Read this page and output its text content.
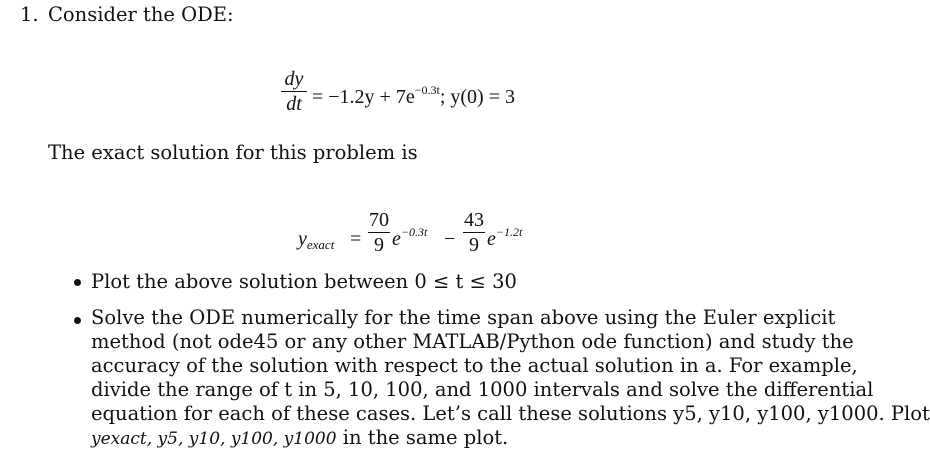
1. Consider the ODE:
dy
dt = $-1.2y + 7e^{-0.3t}$; y(0) = 3
The exact solution for this problem is
$y_{exact}$ =
70
9 $e^{-0.3t}$ −
43
9 $e^{-1.2t}$
Plot the above solution between 0 ≤ t ≤ 30
Solve the ODE numerically for the time span above using the Euler explicit
method (not ode45 or any other MATLAB/Python ode function) and study the
accuracy of the solution with respect to the actual solution in a. For example,
divide the range of t in 5, 10, 100, and 1000 intervals and solve the differential
equation for each of these cases. Let’s call these solutions y5, y10, y100, y1000. Plot
yexact, y5, y10, y100, y1000 in the same plot.
